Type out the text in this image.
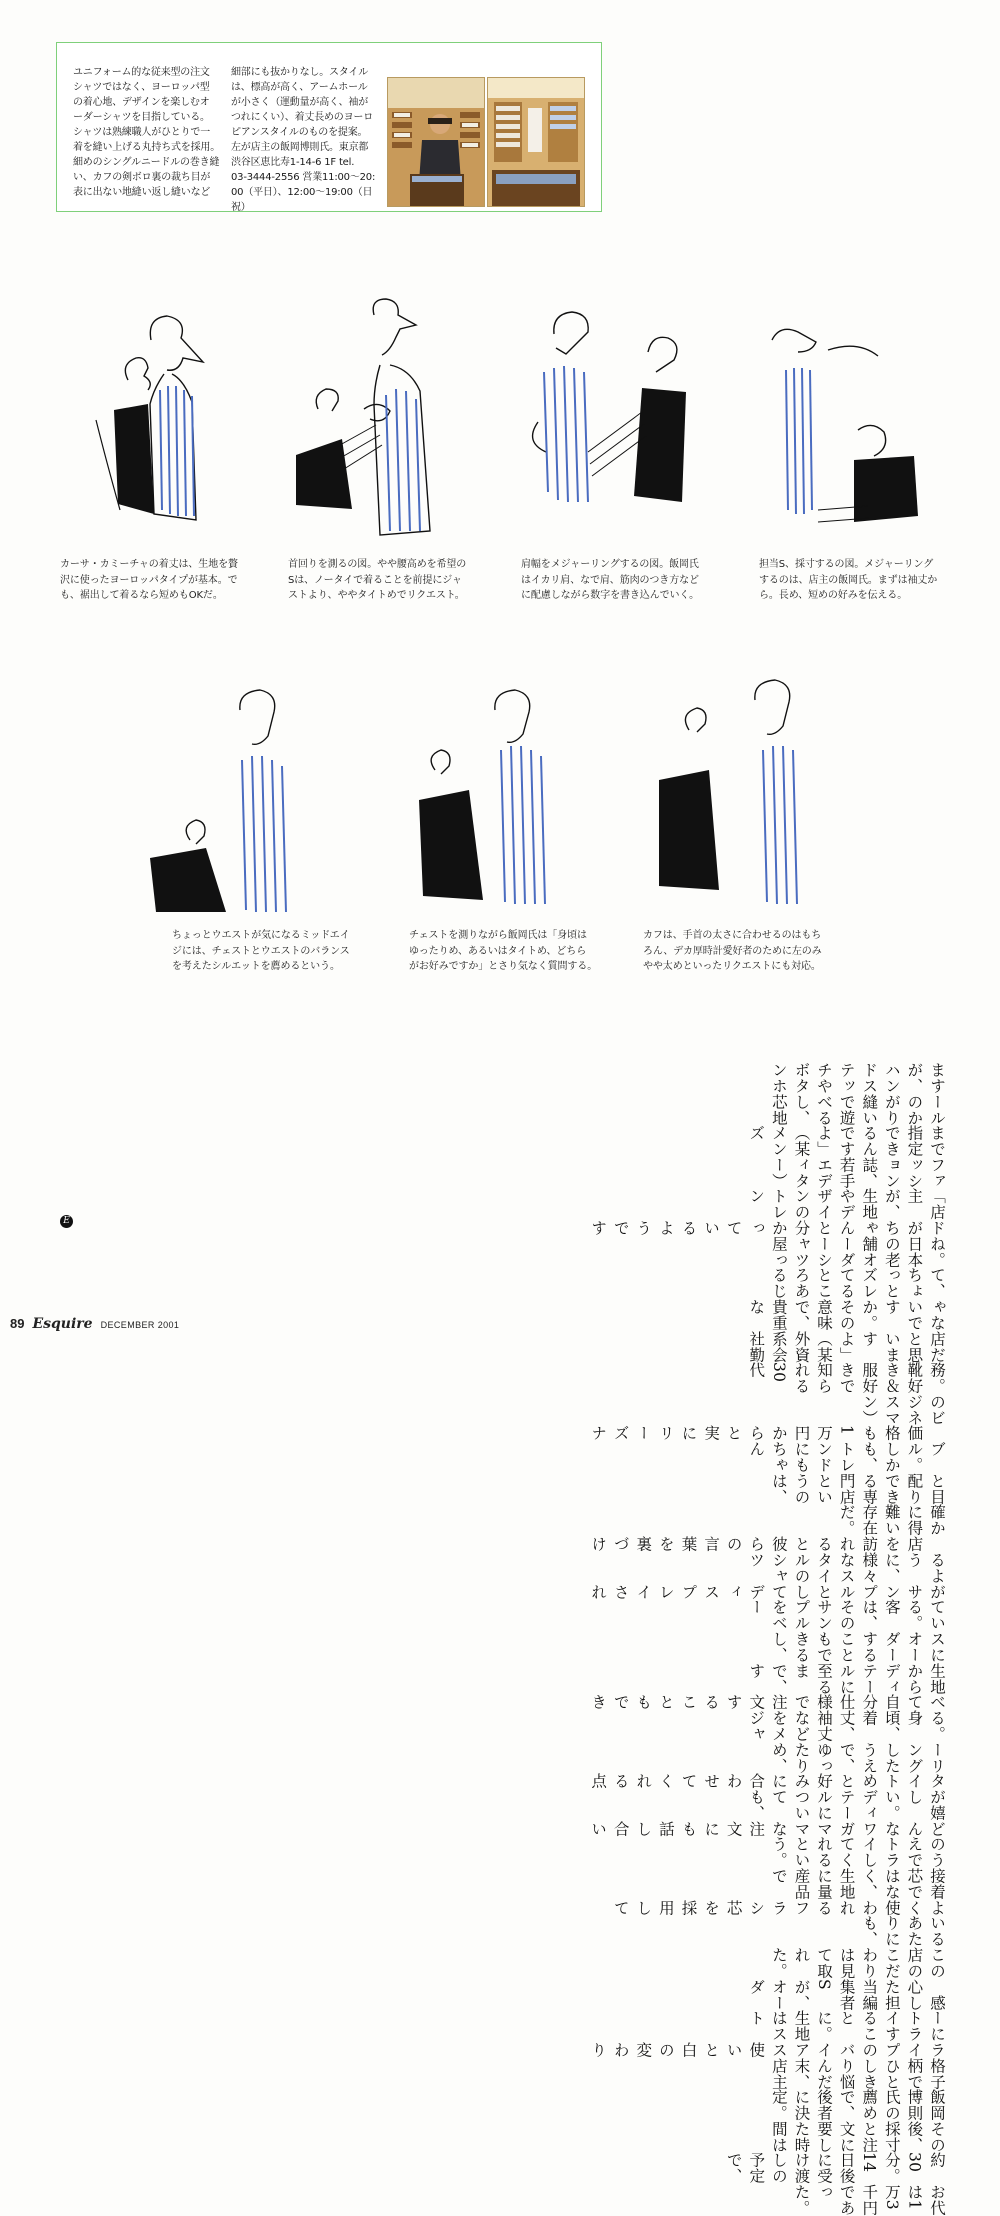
ユニフォーム的な従来型の注文
シャツではなく、ヨーロッパ型
の着心地、デザインを楽しむオ
ーダーシャツを目指している。
シャツは熟練職人がひとりで一
着を縫い上げる丸持ち式を採用。
細めのシングルニードルの巻き縫
い、カフの剣ボロ裏の裁ち目が
表に出ない地縫い返し縫いなど
細部にも抜かりなし。スタイル
は、標高が高く、アームホール
が小さく（運動量が高く、袖が
つれにくい）、着丈長めのヨーロ
ピアンスタイルのものを提案。
左が店主の飯岡博則氏。東京都
渋谷区恵比寿1-14-6 1F tel.
03-3444-2556 営業11:00～20:
00（平日）、12:00～19:00（日祝）
カーサ・カミーチャの着丈は、生地を贅
沢に使ったヨーロッパタイプが基本。で
も、裾出して着るなら短めもOKだ。
首回りを測るの図。やや腰高めを希望の
Sは、ノータイで着ることを前提にジャ
ストより、ややタイトめでリクエスト。
肩幅をメジャーリングするの図。飯岡氏
はイカリ肩、なで肩、筋肉のつき方など
に配慮しながら数字を書き込んでいく。
担当S、採寸するの図。メジャーリング
するのは、店主の飯岡氏。まずは袖丈か
ら。長め、短めの好みを伝える。
ちょっとウエストが気になるミッドエイ
ジには、チェストとウエストのバランス
を考えたシルエットを薦めるという。
チェストを測りながら飯岡氏は「身頃は
ゆったりめ、あるいはタイトめ、どちら
がお好みですか」とさり気なく質問する。
カフは、手首の太さに合わせるのはもち
ろん、デカ厚時計愛好者のために左のみ
やや太めといったリクエストにも対応。

ますが、ハンドステッチやボタンホ

ールのかがり縫いで遊べるし、芯地

まで指定できるんですよ」（某メンズ

ファッション誌、若手エディター）

「店主が、生地やデザインのトレン

ドがちゃんと分かっているようです

ね。日本の老舗オーダーシャツ屋っ

て、ちょっとズレてるところあるじ

ゃないですか。その意味で、貴重な

店だと思いますよ」（某外資系会社勤

務。靴好き＆服好きで知られる30代

のビジネスマン）

　価格も1万円からと実にリーズナ

ブル。しかも、トレンドにもちゃん

と目配りできる専門店というのは、

確かに得難い存在だ。

　店を訪れると彼らの言葉を裏づけ

るように、様々なスタイルのシャツ

がサンプルとしてディスプレイされ

ている。客は、そのサンプルをベー

スにオーダーすることもできるし、

生地からディテールに至るまで、す

べて自分仕様で注文することもでき

る。身頃、着丈、袖丈などをメジャ

ーリングしたうえで、ゆったりめ、

タイトめと好みに合わせてくれる点

が嬉しい。ディテールについても、

どんなワガママな注文にも話し合い

のうえでトライしてくれるという。

接着芯ではなく、生地に量産品で

よく使われるフラシ芯を採用して

いるあたりにも、

この店のこだわりは見て取れた。

　感心した担当編集者Sが、オーダ

ーにトライすることに。生地はスト

ライプのバイアス使いと白の変わり

格子柄でひとしきり悩んだ末、店主

飯岡博則氏の薦めで、後者に決定。

その後、採寸と注文に要した時間は

約30分。14日後に受け渡しの予定で、

お代は1万3千円であった。

E
89 Esquire DECEMBER 2001
